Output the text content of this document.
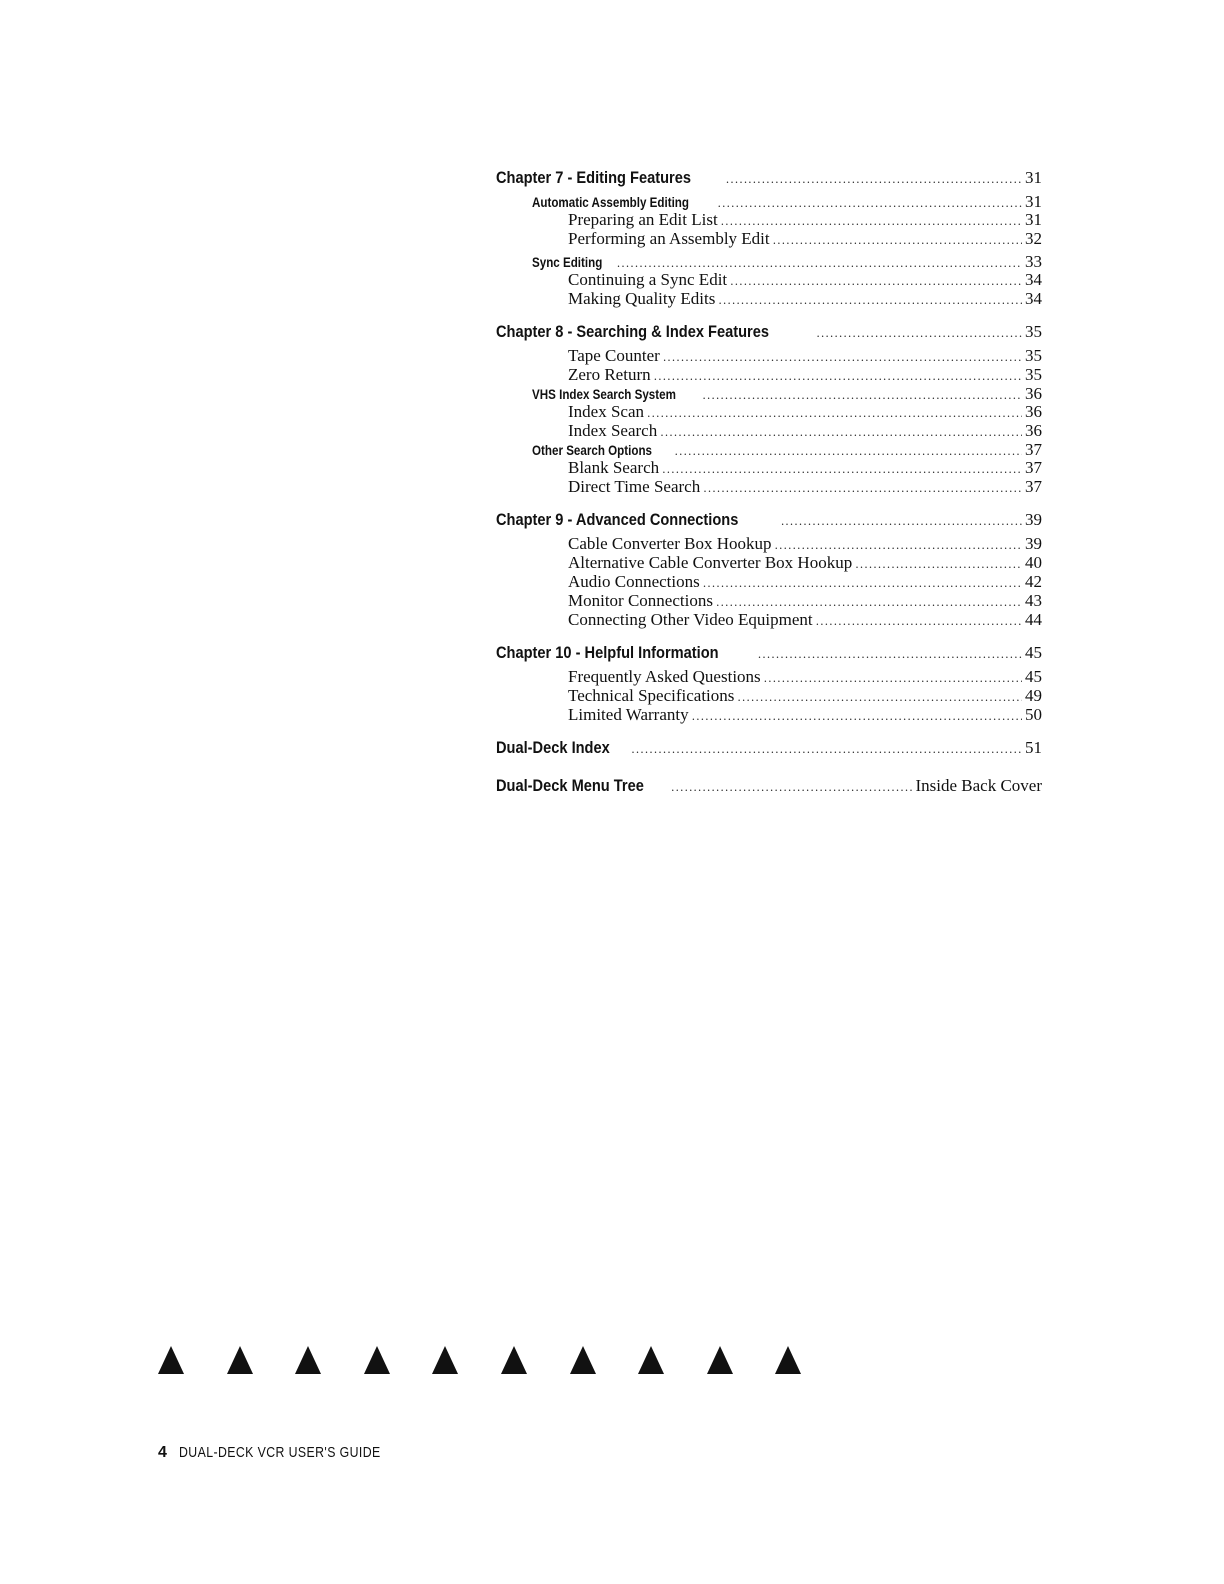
Chapter 7 - Editing Features .....	31
Automatic Assembly Editing .....	31
Preparing an Edit List .....	31
Performing an Assembly Edit .....	32
Sync Editing .....	33
Continuing a Sync Edit .....	34
Making Quality Edits .....	34
Chapter 8 - Searching & Index Features .....	35
Tape Counter .....	35
Zero Return .....	35
VHS Index Search System .....	36
Index Scan .....	36
Index Search .....	36
Other Search Options .....	37
Blank Search .....	37
Direct Time Search .....	37
Chapter 9 - Advanced Connections .....	39
Cable Converter Box Hookup .....	39
Alternative Cable Converter Box Hookup .....	40
Audio Connections .....	42
Monitor Connections .....	43
Connecting Other Video Equipment .....	44
Chapter 10 - Helpful Information .....	45
Frequently Asked Questions .....	45
Technical Specifications .....	49
Limited Warranty .....	50
Dual-Deck Index .....	51
Dual-Deck Menu Tree .....	Inside Back Cover
4 DUAL-DECK VCR USER'S GUIDE
